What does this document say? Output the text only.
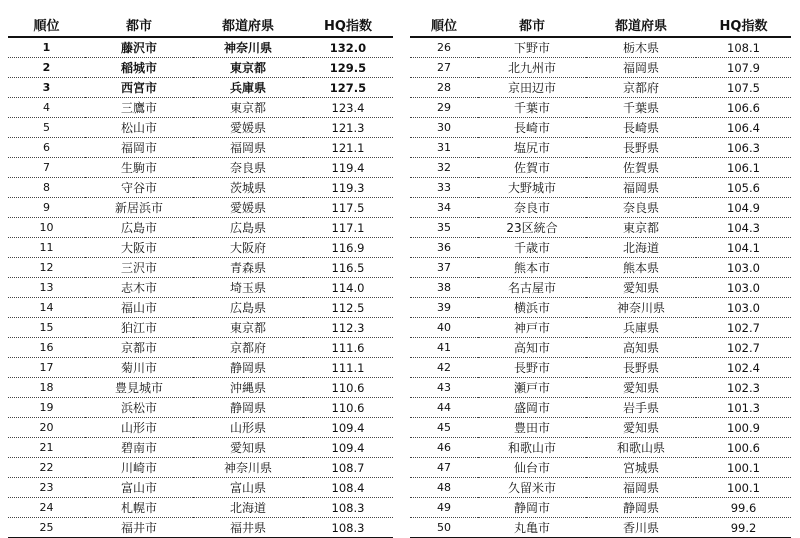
順位	都市	都道府県	HQ指数
1	藤沢市	神奈川県	132.0
2	稲城市	東京都	129.5
3	西宮市	兵庫県	127.5
4	三鷹市	東京都	123.4
5	松山市	愛媛県	121.3
6	福岡市	福岡県	121.1
7	生駒市	奈良県	119.4
8	守谷市	茨城県	119.3
9	新居浜市	愛媛県	117.5
10	広島市	広島県	117.1
11	大阪市	大阪府	116.9
12	三沢市	青森県	116.5
13	志木市	埼玉県	114.0
14	福山市	広島県	112.5
15	狛江市	東京都	112.3
16	京都市	京都府	111.6
17	菊川市	静岡県	111.1
18	豊見城市	沖縄県	110.6
19	浜松市	静岡県	110.6
20	山形市	山形県	109.4
21	碧南市	愛知県	109.4
22	川崎市	神奈川県	108.7
23	富山市	富山県	108.4
24	札幌市	北海道	108.3
25	福井市	福井県	108.3
順位	都市	都道府県	HQ指数
26	下野市	栃木県	108.1
27	北九州市	福岡県	107.9
28	京田辺市	京都府	107.5
29	千葉市	千葉県	106.6
30	長崎市	長崎県	106.4
31	塩尻市	長野県	106.3
32	佐賀市	佐賀県	106.1
33	大野城市	福岡県	105.6
34	奈良市	奈良県	104.9
35	23区統合	東京都	104.3
36	千歳市	北海道	104.1
37	熊本市	熊本県	103.0
38	名古屋市	愛知県	103.0
39	横浜市	神奈川県	103.0
40	神戸市	兵庫県	102.7
41	高知市	高知県	102.7
42	長野市	長野県	102.4
43	瀬戸市	愛知県	102.3
44	盛岡市	岩手県	101.3
45	豊田市	愛知県	100.9
46	和歌山市	和歌山県	100.6
47	仙台市	宮城県	100.1
48	久留米市	福岡県	100.1
49	静岡市	静岡県	99.6
50	丸亀市	香川県	99.2
